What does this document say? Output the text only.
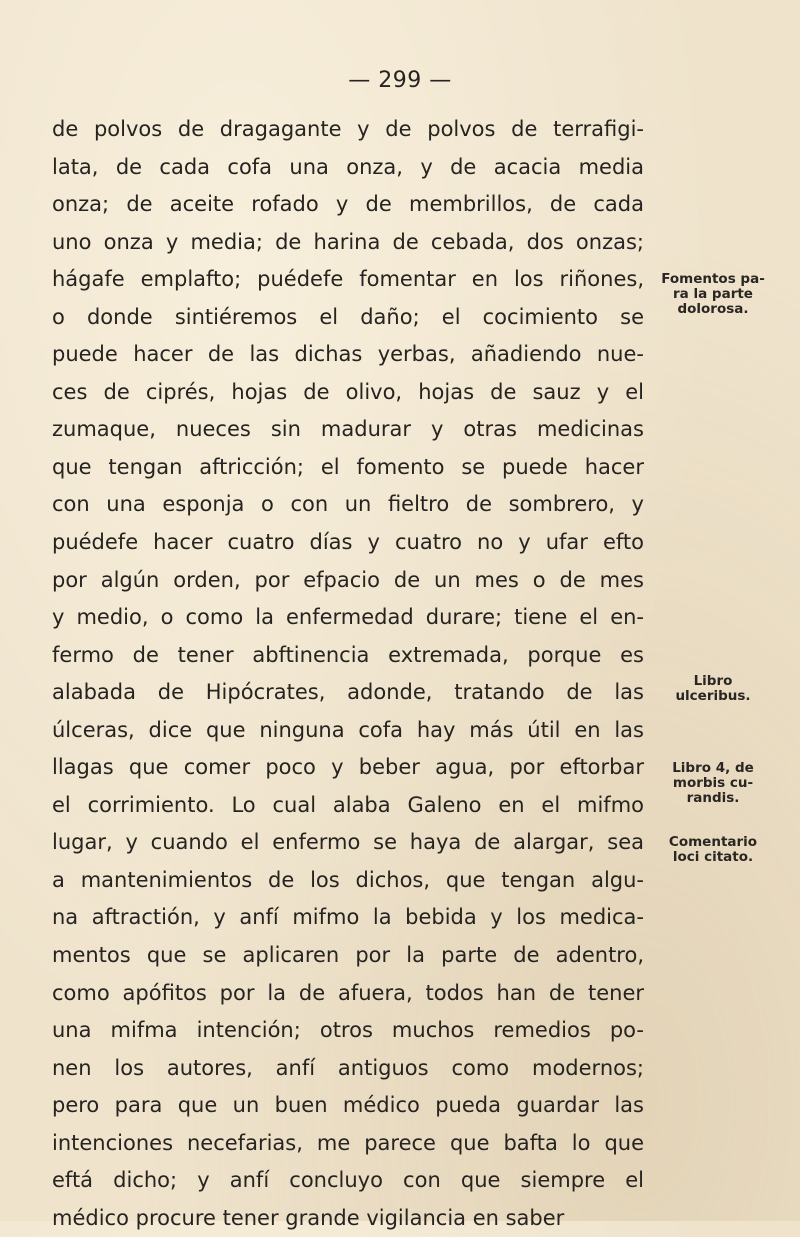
— 299 —
de polvos de dragagante y de polvos de terrafigi-
lata, de cada cofa una onza, y de acacia media
onza; de aceite rofado y de membrillos, de cada
uno onza y media; de harina de cebada, dos onzas;
hágafe emplafto; puédefe fomentar en los riñones,
o donde sintiéremos el daño; el cocimiento se
puede hacer de las dichas yerbas, añadiendo nue-
ces de ciprés, hojas de olivo, hojas de sauz y el
zumaque, nueces sin madurar y otras medicinas
que tengan aftricción; el fomento se puede hacer
con una esponja o con un fieltro de sombrero, y
puédefe hacer cuatro días y cuatro no y ufar efto
por algún orden, por efpacio de un mes o de mes
y medio, o como la enfermedad durare; tiene el en-
fermo de tener abftinencia extremada, porque es
alabada de Hipócrates, adonde, tratando de las
úlceras, dice que ninguna cofa hay más útil en las
llagas que comer poco y beber agua, por eftorbar
el corrimiento. Lo cual alaba Galeno en el mifmo
lugar, y cuando el enfermo se haya de alargar, sea
a mantenimientos de los dichos, que tengan algu-
na aftractión, y anfí mifmo la bebida y los medica-
mentos que se aplicaren por la parte de adentro,
como apófitos por la de afuera, todos han de tener
una mifma intención; otros muchos remedios po-
nen los autores, anfí antiguos como modernos;
pero para que un buen médico pueda guardar las
intenciones necefarias, me parece que bafta lo que
eftá dicho; y anfí concluyo con que siempre el
médico procure tener grande vigilancia en saber
Fomentos pa-
ra la parte
dolorosa.
Libro
ulceribus.
Libro 4, de
morbis cu-
randis.
Comentario
loci citato.
